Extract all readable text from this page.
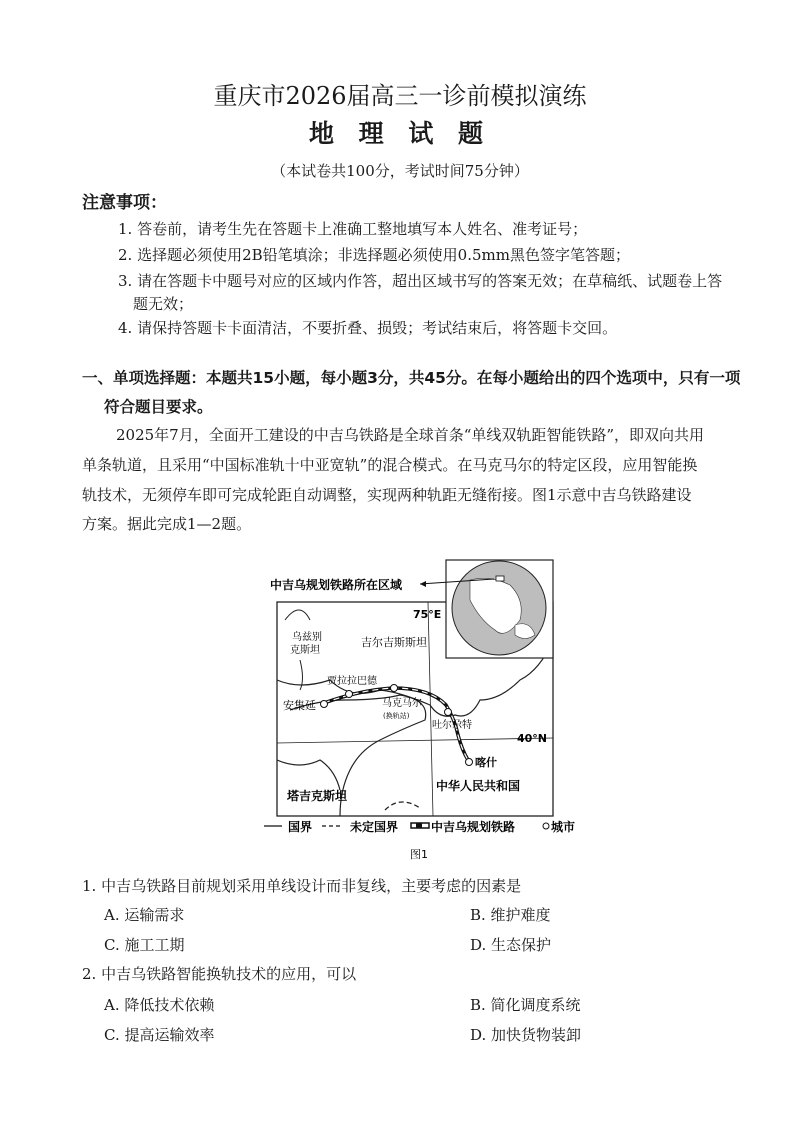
重庆市2026届高三一诊前模拟演练
地 理 试 题
（本试卷共100分，考试时间75分钟）
注意事项：
1. 答卷前，请考生先在答题卡上准确工整地填写本人姓名、准考证号；
2. 选择题必须使用2B铅笔填涂；非选择题必须使用0.5mm黑色签字笔答题；
3. 请在答题卡中题号对应的区域内作答，超出区域书写的答案无效；在草稿纸、试题卷上答
题无效；
4. 请保持答题卡卡面清洁，不要折叠、损毁；考试结束后，将答题卡交回。
一、单项选择题：本题共15小题，每小题3分，共45分。在每小题给出的四个选项中，只有一项
符合题目要求。
2025年7月，全面开工建设的中吉乌铁路是全球首条“单线双轨距智能铁路”，即双向共用
单条轨道，且采用“中国标准轨十中亚宽轨”的混合模式。在马克马尔的特定区段，应用智能换
轨技术，无须停车即可完成轮距自动调整，实现两种轨距无缝衔接。图1示意中吉乌铁路建设
方案。据此完成1—2题。
安集延
贾拉拉巴德
马克马尔
(换轨站)
吐尔尕特
喀什
吉尔吉斯斯坦
乌兹别
克斯坦
塔吉克斯坦
中华人民共和国
75°E
40°N
中吉乌规划铁路所在区域
国界	未定国界	中吉乌规划铁路	城市
图1
1. 中吉乌铁路目前规划采用单线设计而非复线，主要考虑的因素是
A. 运输需求	B. 维护难度
C. 施工工期	D. 生态保护
2. 中吉乌铁路智能换轨技术的应用，可以
A. 降低技术依赖	B. 简化调度系统
C. 提高运输效率	D. 加快货物装卸
